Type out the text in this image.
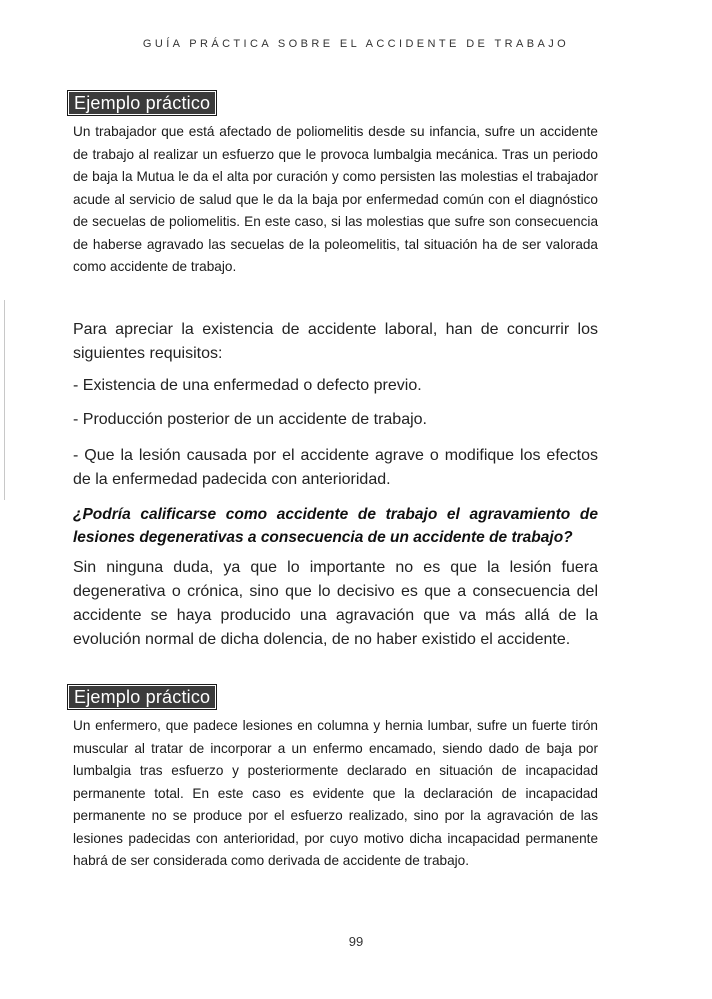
GUÍA PRÁCTICA SOBRE EL ACCIDENTE DE TRABAJO
Ejemplo práctico
Un trabajador que está afectado de poliomelitis desde su infancia, sufre un accidente de trabajo al realizar un esfuerzo que le provoca lumbalgia mecánica. Tras un periodo de baja la Mutua le da el alta por curación y como persisten las molestias el trabajador acude al servicio de salud que le da la baja por enfermedad común con el diagnóstico de secuelas de poliomelitis. En este caso, si las molestias que sufre son consecuencia de haberse agravado las secuelas de la poleomelitis, tal situación ha de ser valorada como accidente de trabajo.
Para apreciar la existencia de accidente laboral, han de concurrir los siguientes requisitos:
- Existencia de una enfermedad o defecto previo.
- Producción posterior de un accidente de trabajo.
- Que la lesión causada por el accidente agrave o modifique los efectos de la enfermedad padecida con anterioridad.
¿Podría calificarse como accidente de trabajo el agravamiento de lesiones degenerativas a consecuencia de un accidente de trabajo?
Sin ninguna duda, ya que lo importante no es que la lesión fuera degenerativa o crónica, sino que lo decisivo es que a consecuencia del accidente se haya producido una agravación que va más allá de la evolución normal de dicha dolencia, de no haber existido el accidente.
Ejemplo práctico
Un enfermero, que padece lesiones en columna y hernia lumbar, sufre un fuerte tirón muscular al tratar de incorporar a un enfermo encamado, siendo dado de baja por lumbalgia tras esfuerzo y posteriormente declarado en situación de incapacidad permanente total. En este caso es evidente que la declaración de incapacidad permanente no se produce por el esfuerzo realizado, sino por la agravación de las lesiones padecidas con anterioridad, por cuyo motivo dicha incapacidad permanente habrá de ser considerada como derivada de accidente de trabajo.
99
